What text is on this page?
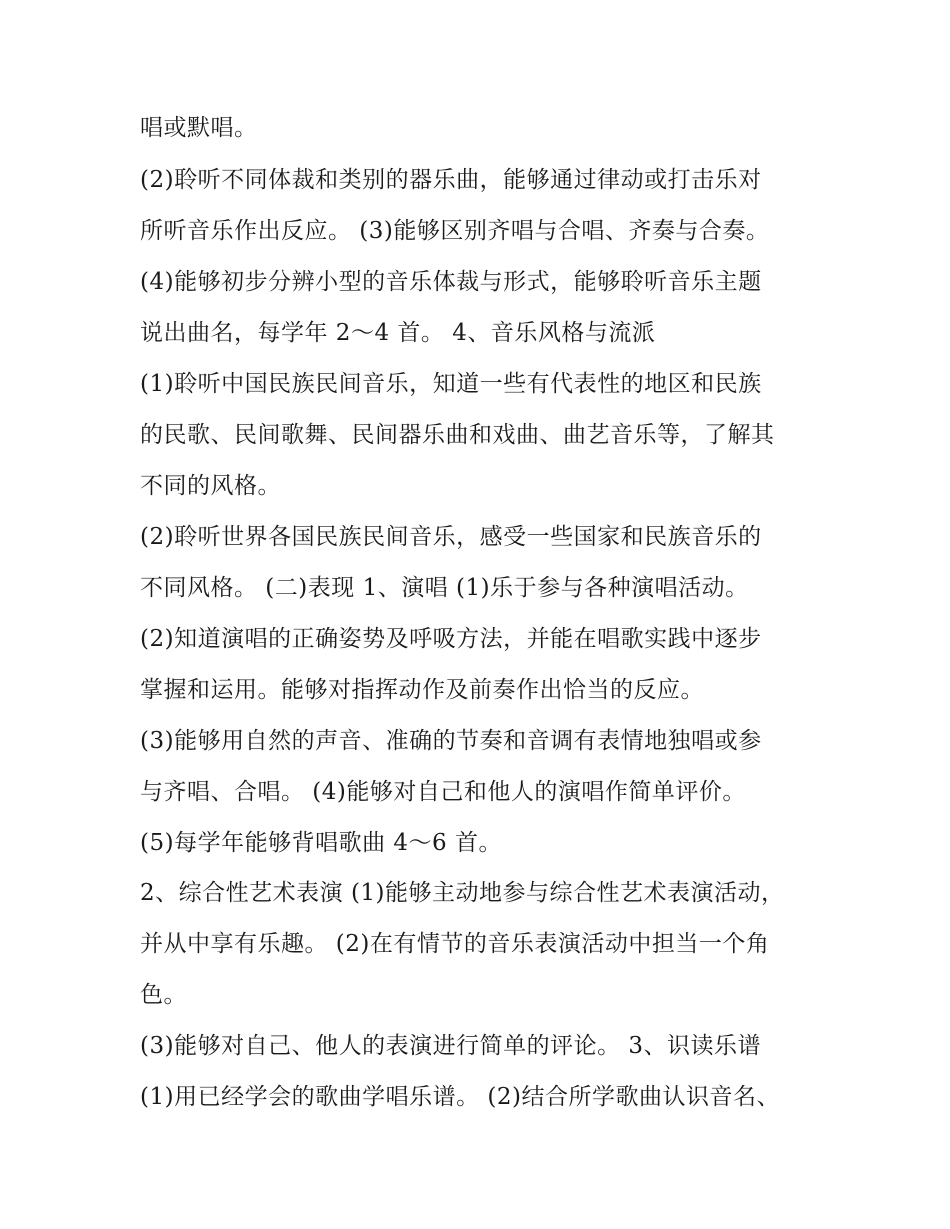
唱或默唱。
(2)聆听不同体裁和类别的器乐曲，能够通过律动或打击乐对
所听音乐作出反应。 (3)能够区别齐唱与合唱、齐奏与合奏。
(4)能够初步分辨小型的音乐体裁与形式，能够聆听音乐主题
说出曲名，每学年 2～4 首。 4、音乐风格与流派
(1)聆听中国民族民间音乐，知道一些有代表性的地区和民族
的民歌、民间歌舞、民间器乐曲和戏曲、曲艺音乐等，了解其
不同的风格。
(2)聆听世界各国民族民间音乐，感受一些国家和民族音乐的
不同风格。 (二)表现 1、演唱 (1)乐于参与各种演唱活动。
(2)知道演唱的正确姿势及呼吸方法，并能在唱歌实践中逐步
掌握和运用。能够对指挥动作及前奏作出恰当的反应。
(3)能够用自然的声音、准确的节奏和音调有表情地独唱或参
与齐唱、合唱。 (4)能够对自己和他人的演唱作简单评价。
(5)每学年能够背唱歌曲 4～6 首。
2、综合性艺术表演 (1)能够主动地参与综合性艺术表演活动，
并从中享有乐趣。 (2)在有情节的音乐表演活动中担当一个角
色。
(3)能够对自己、他人的表演进行简单的评论。 3、识读乐谱
(1)用已经学会的歌曲学唱乐谱。 (2)结合所学歌曲认识音名、
